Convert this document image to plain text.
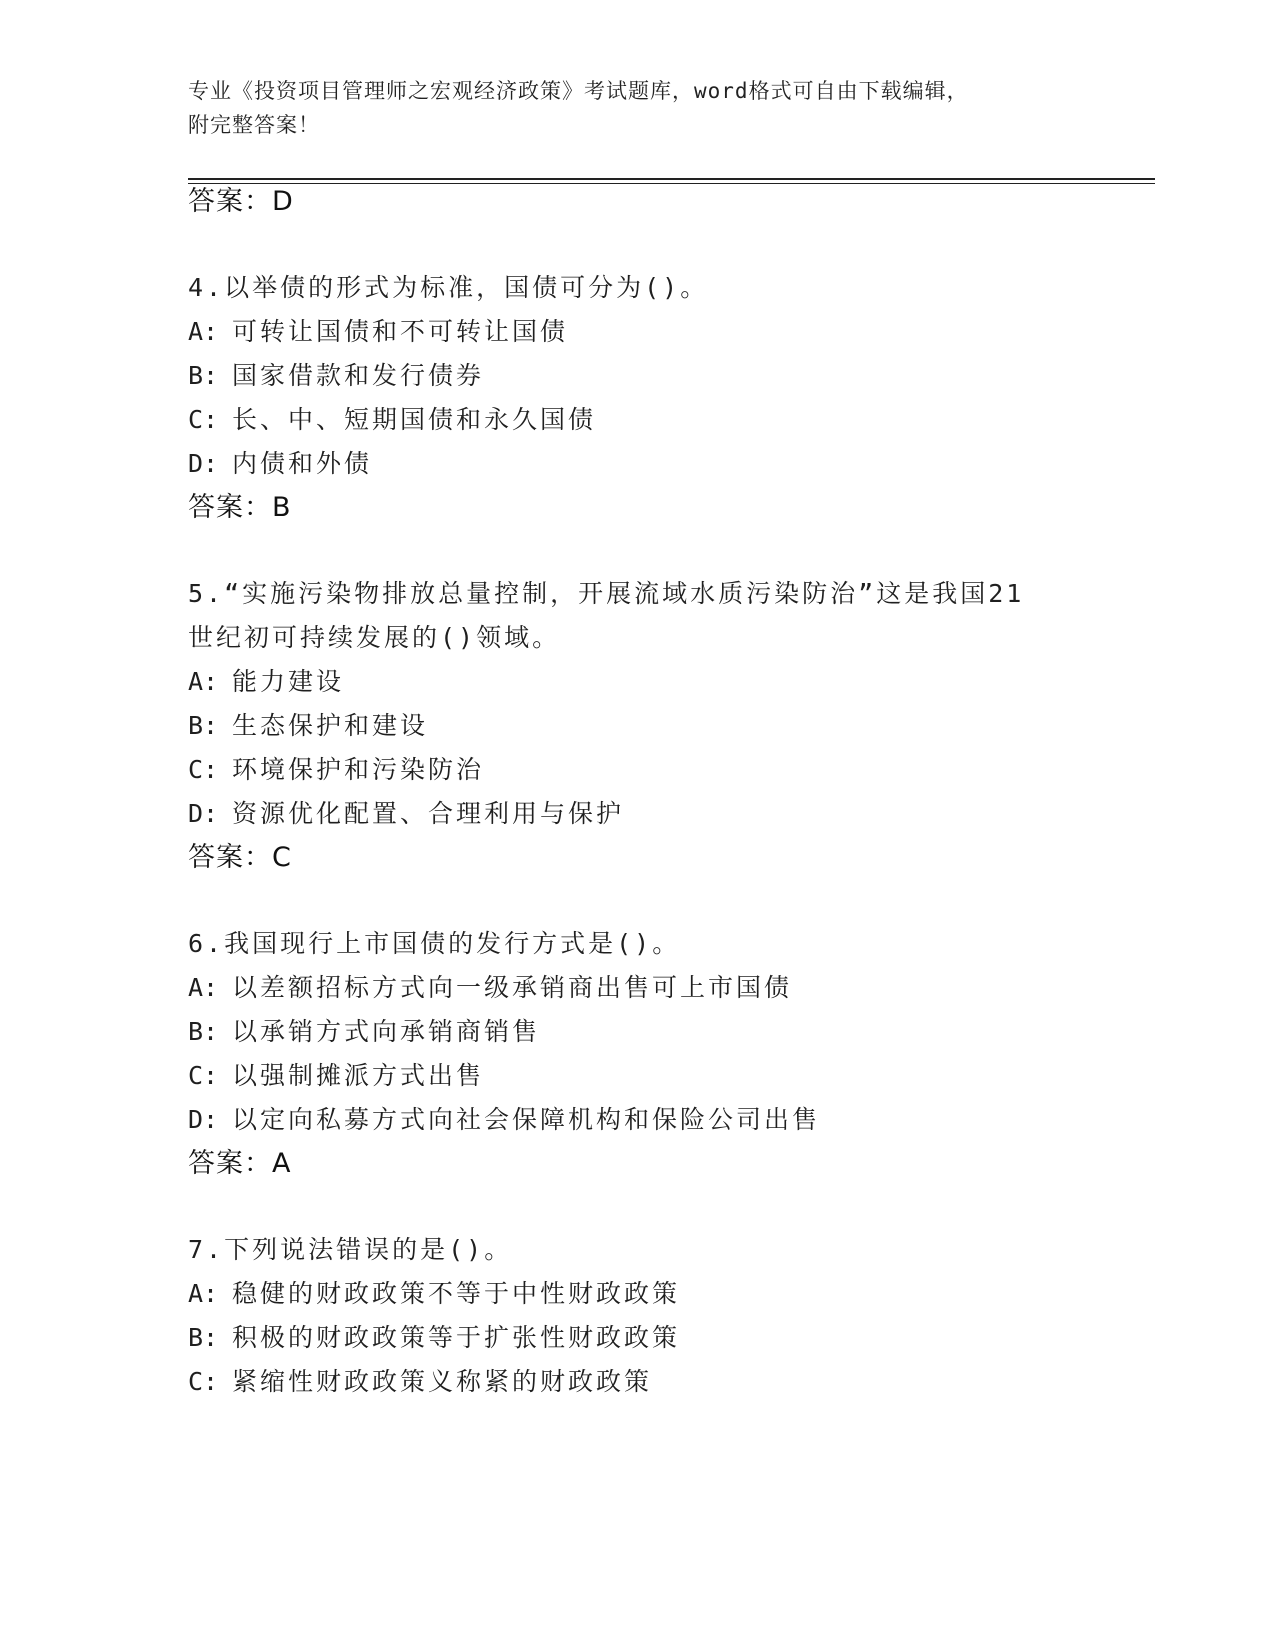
专业《投资项目管理师之宏观经济政策》考试题库，word格式可自由下载编辑，
附完整答案！
答案：D
4.以举债的形式为标准，国债可分为()。
A: 可转让国债和不可转让国债
B: 国家借款和发行债券
C: 长、中、短期国债和永久国债
D: 内债和外债
答案：B
5.“实施污染物排放总量控制，开展流域水质污染防治”这是我国21
世纪初可持续发展的()领域。
A: 能力建设
B: 生态保护和建设
C: 环境保护和污染防治
D: 资源优化配置、合理利用与保护
答案：C
6.我国现行上市国债的发行方式是()。
A: 以差额招标方式向一级承销商出售可上市国债
B: 以承销方式向承销商销售
C: 以强制摊派方式出售
D: 以定向私募方式向社会保障机构和保险公司出售
答案：A
7.下列说法错误的是()。
A: 稳健的财政政策不等于中性财政政策
B: 积极的财政政策等于扩张性财政政策
C: 紧缩性财政政策义称紧的财政政策
